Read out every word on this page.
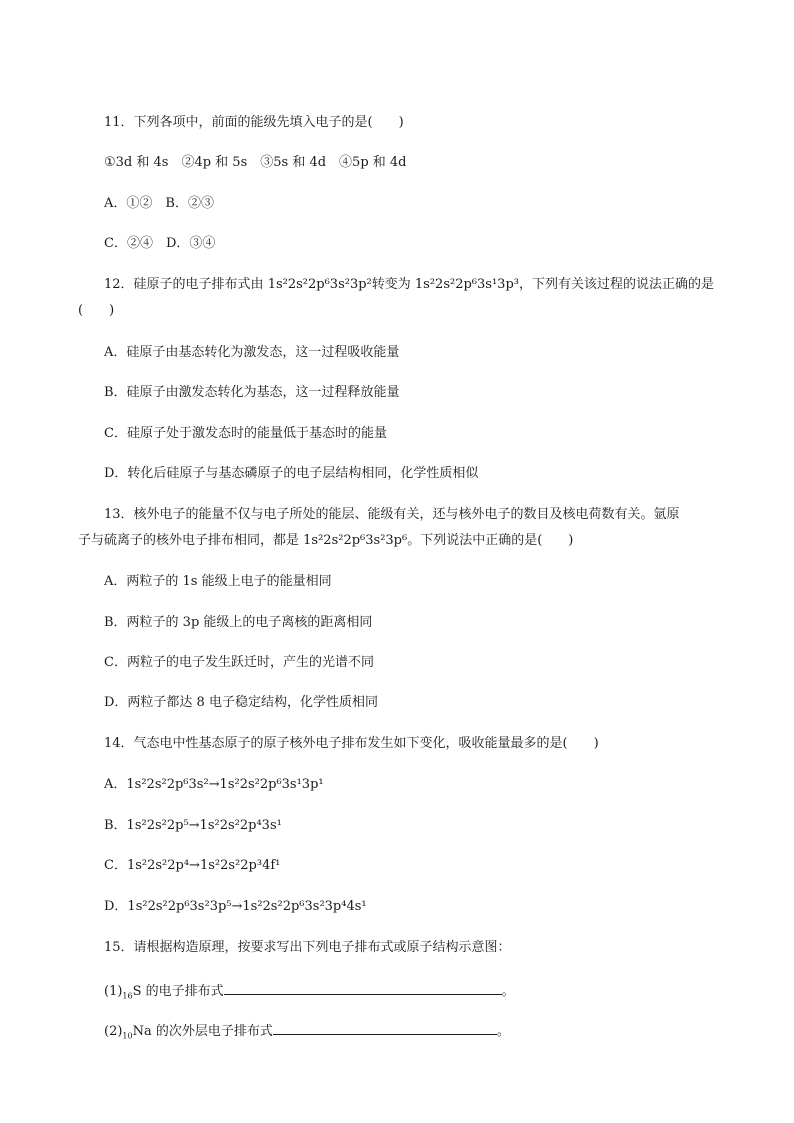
11．下列各项中，前面的能级先填入电子的是(　　)
①3d 和 4s　②4p 和 5s　③5s 和 4d　④5p 和 4d
A．①②　B．②③
C．②④　D．③④
12．硅原子的电子排布式由 1s²2s²2p⁶3s²3p²转变为 1s²2s²2p⁶3s¹3p³，下列有关该过程的说法正确的是
(　　)
A．硅原子由基态转化为激发态，这一过程吸收能量
B．硅原子由激发态转化为基态，这一过程释放能量
C．硅原子处于激发态时的能量低于基态时的能量
D．转化后硅原子与基态磷原子的电子层结构相同，化学性质相似
13．核外电子的能量不仅与电子所处的能层、能级有关，还与核外电子的数目及核电荷数有关。氩原
子与硫离子的核外电子排布相同，都是 1s²2s²2p⁶3s²3p⁶。下列说法中正确的是(　　)
A．两粒子的 1s 能级上电子的能量相同
B．两粒子的 3p 能级上的电子离核的距离相同
C．两粒子的电子发生跃迁时，产生的光谱不同
D．两粒子都达 8 电子稳定结构，化学性质相同
14．气态电中性基态原子的原子核外电子排布发生如下变化，吸收能量最多的是(　　)
A．1s²2s²2p⁶3s²→1s²2s²2p⁶3s¹3p¹
B．1s²2s²2p⁵→1s²2s²2p⁴3s¹
C．1s²2s²2p⁴→1s²2s²2p³4f¹
D．1s²2s²2p⁶3s²3p⁵→1s²2s²2p⁶3s²3p⁴4s¹
15．请根据构造原理，按要求写出下列电子排布式或原子结构示意图：
$(1)_{16}S$ 的电子排布式	。
$(2)_{10}Na$ 的次外层电子排布式	。
